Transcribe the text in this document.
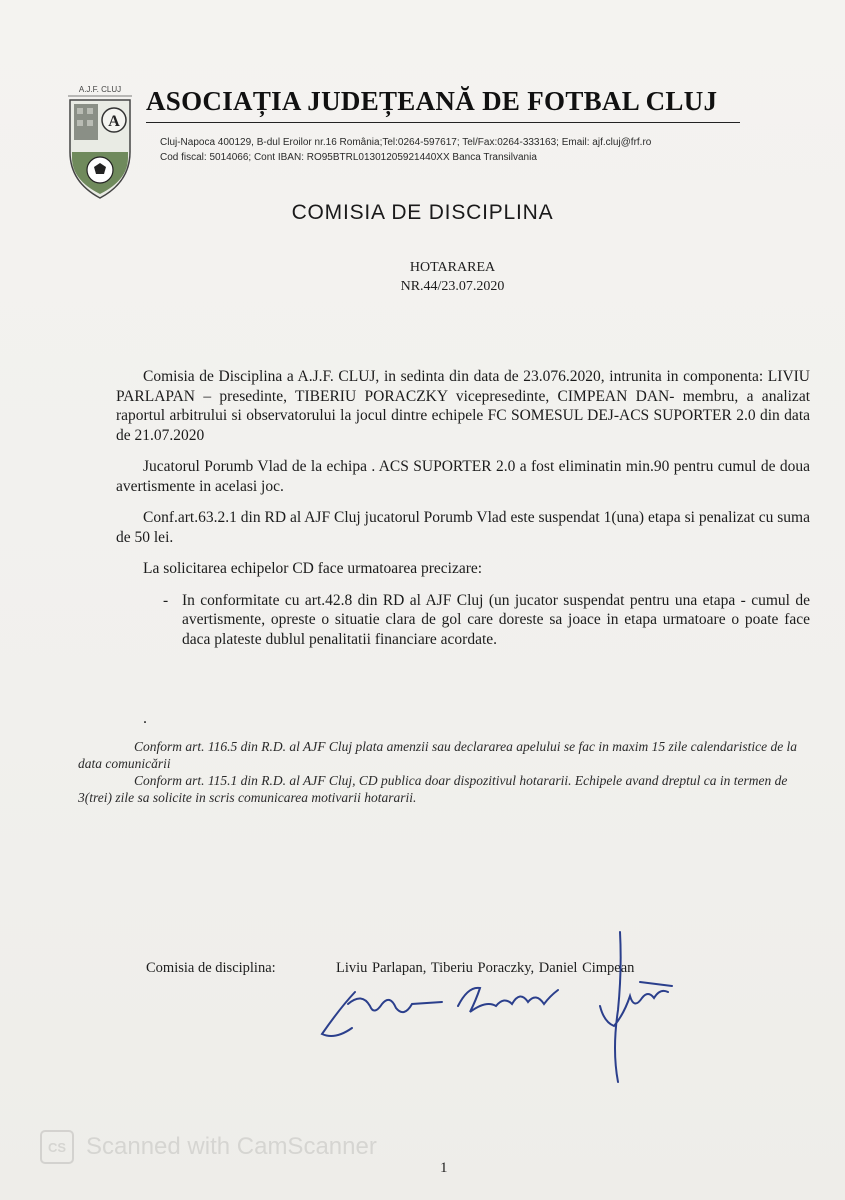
A.J.F. CLUJ
A
ASOCIAȚIA JUDEȚEANĂ DE FOTBAL CLUJ
Cluj-Napoca 400129, B-dul Eroilor nr.16 România;Tel:0264-597617; Tel/Fax:0264-333163; Email: ajf.cluj@frf.ro
Cod fiscal: 5014066; Cont IBAN: RO95BTRL01301205921440XX Banca Transilvania
COMISIA DE DISCIPLINA
HOTARAREA
NR.44/23.07.2020

Comisia de Disciplina a A.J.F. CLUJ, in sedinta din data de 23.076.2020, intrunita in componenta: LIVIU PARLAPAN – presedinte, TIBERIU PORACZKY vicepresedinte, CIMPEAN DAN- membru, a analizat raportul arbitrului si observatorului la jocul dintre echipele FC SOMESUL DEJ-ACS SUPORTER 2.0 din data de 21.07.2020

Jucatorul Porumb Vlad de la echipa . ACS SUPORTER 2.0 a fost eliminatin min.90 pentru cumul de doua avertismente in acelasi joc.

Conf.art.63.2.1 din RD al AJF Cluj jucatorul Porumb Vlad este suspendat 1(una) etapa si penalizat cu suma de 50 lei.

La solicitarea echipelor CD face urmatoarea precizare:

- In conformitate cu art.42.8 din RD al AJF Cluj (un jucator suspendat pentru una etapa - cumul de avertismente, opreste o situatie clara de gol care doreste sa joace in etapa urmatoare o poate face daca plateste dublul penalitatii financiare acordate.
.

Conform art. 116.5 din R.D. al AJF Cluj plata amenzii sau declararea apelului se fac in maxim 15 zile calendaristice de la data comunicării

Conform art. 115.1 din R.D. al AJF Cluj, CD publica doar dispozitivul hotararii. Echipele avand dreptul ca in termen de 3(trei) zile sa solicite in scris comunicarea motivarii hotararii.

Comisia de disciplina:	Liviu Parlapan, Tiberiu Poraczky, Daniel Cimpean
CS Scanned with CamScanner
1
